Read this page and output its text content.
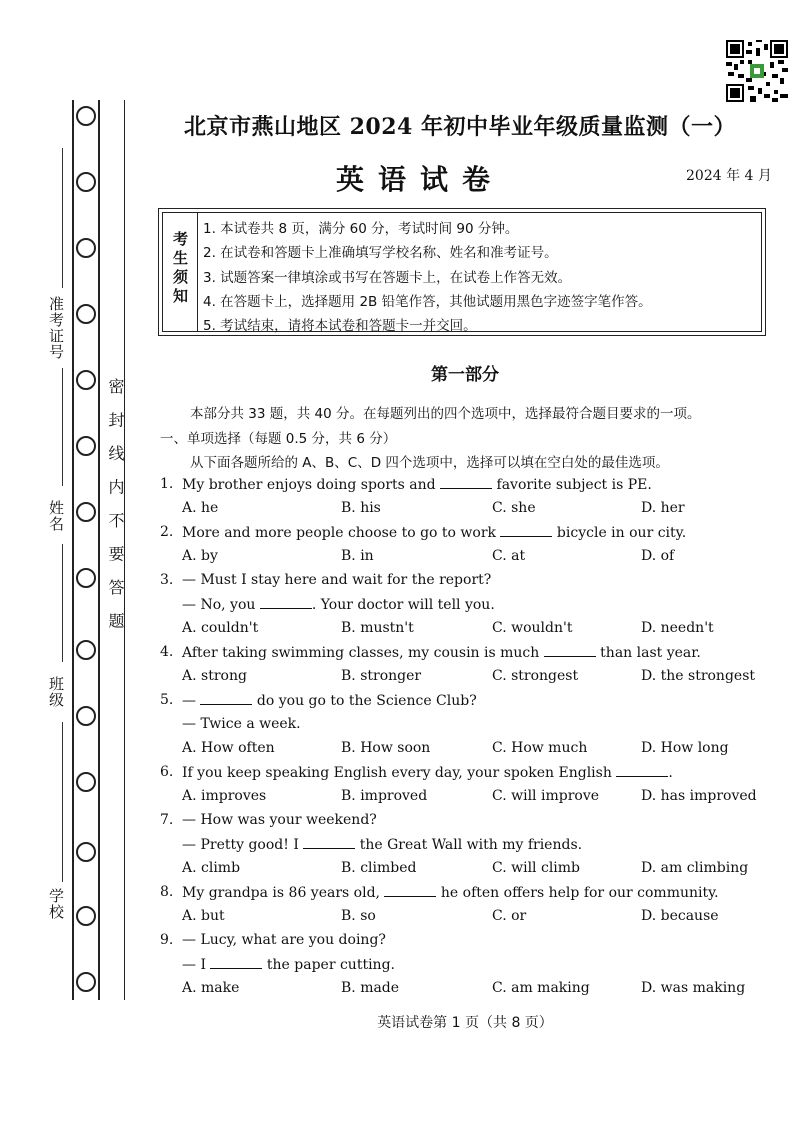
密封线内不要答题
准考证号
姓名
班级
学校
北京市燕山地区 2024 年初中毕业年级质量监测（一）
英语试卷	2024 年 4 月
考生须知
1. 本试卷共 8 页，满分 60 分，考试时间 90 分钟。
2. 在试卷和答题卡上准确填写学校名称、姓名和准考证号。
3. 试题答案一律填涂或书写在答题卡上，在试卷上作答无效。
4. 在答题卡上，选择题用 2B 铅笔作答，其他试题用黑色字迹签字笔作答。
5. 考试结束，请将本试卷和答题卡一并交回。
第一部分
本部分共 33 题，共 40 分。在每题列出的四个选项中，选择最符合题目要求的一项。
一、单项选择（每题 0.5 分，共 6 分）
从下面各题所给的 A、B、C、D 四个选项中，选择可以填在空白处的最佳选项。
1. My brother enjoys doing sports and	favorite subject is PE.
A. he	B. his	C. she	D. her
2. More and more people choose to go to work	bicycle in our city.
A. by	B. in	C. at	D. of
3. — Must I stay here and wait for the report?
— No, you	. Your doctor will tell you.
A. couldn't	B. mustn't	C. wouldn't	D. needn't
4. After taking swimming classes, my cousin is much	than last year.
A. strong	B. stronger	C. strongest	D. the strongest
5. —	do you go to the Science Club?
— Twice a week.
A. How often	B. How soon	C. How much	D. How long
6. If you keep speaking English every day, your spoken English	.
A. improves	B. improved	C. will improve	D. has improved
7. — How was your weekend?
— Pretty good! I	the Great Wall with my friends.
A. climb	B. climbed	C. will climb	D. am climbing
8. My grandpa is 86 years old,	he often offers help for our community.
A. but	B. so	C. or	D. because
9. — Lucy, what are you doing?
— I	the paper cutting.
A. make	B. made	C. am making	D. was making
英语试卷第 1 页（共 8 页）
